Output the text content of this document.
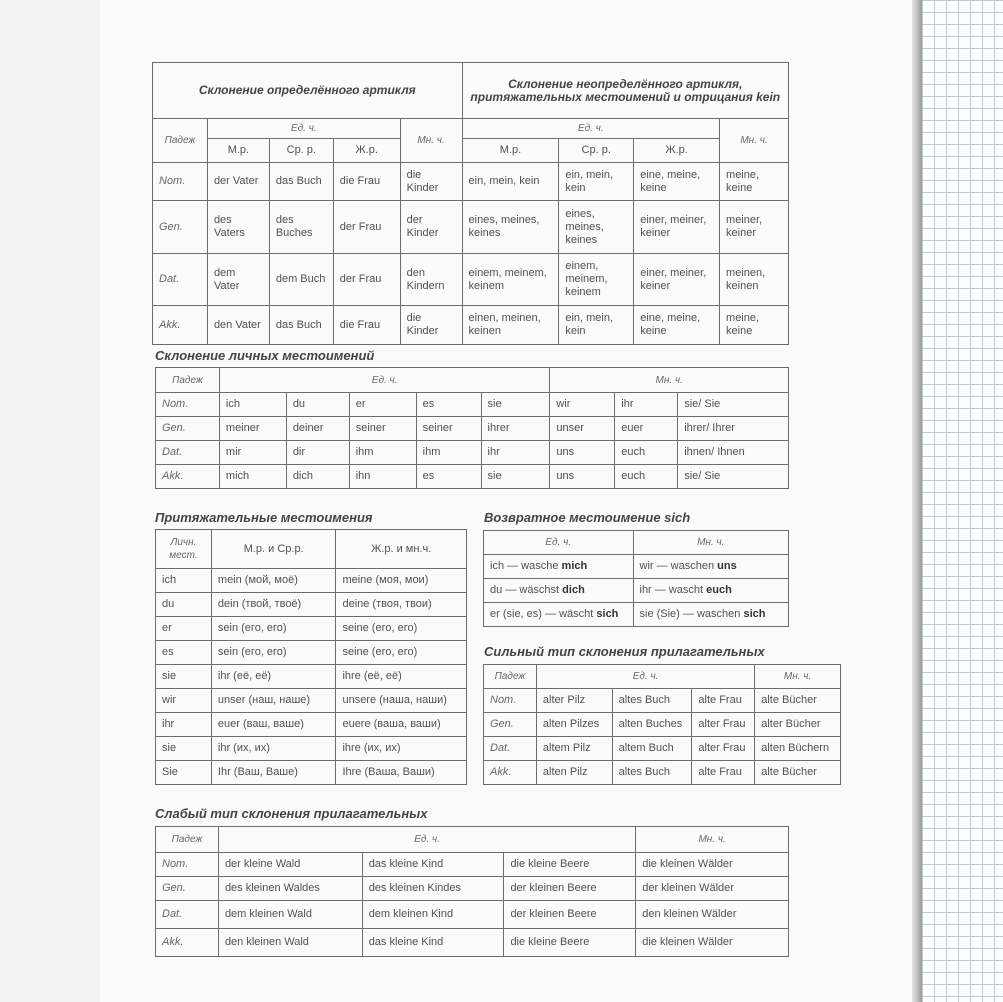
Склонение определённого артикля					Склонение неопределённого артикля, притяжательных местоимений и отрицания kein			
Падеж	Ед. ч.			Мн. ч.	Ед. ч.			Мн. ч.
	М.р.	Ср. р.	Ж.р.		М.р.	Ср. р.	Ж.р.	
Nom.	der Vater	das Buch	die Frau	die Kinder	ein, mein, kein	ein, mein, kein	eine, meine, keine	meine, keine
Gen.	des Vaters	des Buches	der Frau	der Kinder	eines, meines, keines	eines, meines, keines	einer, meiner, keiner	meiner, keiner
Dat.	dem Vater	dem Buch	der Frau	den Kindern	einem, meinem, keinem	einem, meinem, keinem	einer, meiner, keiner	meinen, keinen
Akk.	den Vater	das Buch	die Frau	die Kinder	einen, meinen, keinen	ein, mein, kein	eine, meine, keine	meine, keine
Склонение личных местоимений
Падеж	Ед. ч.					Мн. ч.		
Nom.	ich	du	er	es	sie	wir	ihr	sie/ Sie
Gen.	meiner	deiner	seiner	seiner	ihrer	unser	euer	ihrer/ Ihrer
Dat.	mir	dir	ihm	ihm	ihr	uns	euch	ihnen/ Ihnen
Akk.	mich	dich	ihn	es	sie	uns	euch	sie/ Sie
Притяжательные местоимения
Личн. мест.	М.р. и Ср.р.	Ж.р. и мн.ч.
ich	mein (мой, моё)	meine (моя, мои)
du	dein (твой, твоё)	deine (твоя, твои)
er	sein (его, его)	seine (его, его)
es	sein (его, его)	seine (его, его)
sie	ihr (её, её)	ihre (её, её)
wir	unser (наш, наше)	unsere (наша, наши)
ihr	euer (ваш, ваше)	euere (ваша, ваши)
sie	ihr (их, их)	ihre (их, их)
Sie	Ihr (Ваш, Ваше)	Ihre (Ваша, Ваши)
Возвратное местоимение sich
Ед. ч.	Мн. ч.
ich — wasche mich	wir — waschen uns
du — wäschst dich	ihr — wascht euch
er (sie, es) — wäscht sich	sie (Sie) — waschen sich
Сильный тип склонения прилагательных
Падеж	Ед. ч.			Мн. ч.
Nom.	alter Pilz	altes Buch	alte Frau	alte Bücher
Gen.	alten Pilzes	alten Buches	alter Frau	alter Bücher
Dat.	altem Pilz	altem Buch	alter Frau	alten Büchern
Akk.	alten Pilz	altes Buch	alte Frau	alte Bücher
Слабый тип склонения прилагательных
Падеж	Ед. ч.			Мн. ч.
Nom.	der kleine Wald	das kleine Kind	die kleine Beere	die kleinen Wälder
Gen.	des kleinen Waldes	des kleinen Kindes	der kleinen Beere	der kleinen Wälder
Dat.	dem kleinen Wald	dem kleinen Kind	der kleinen Beere	den kleinen Wälder
Akk.	den kleinen Wald	das kleine Kind	die kleine Beere	die kleinen Wälder
